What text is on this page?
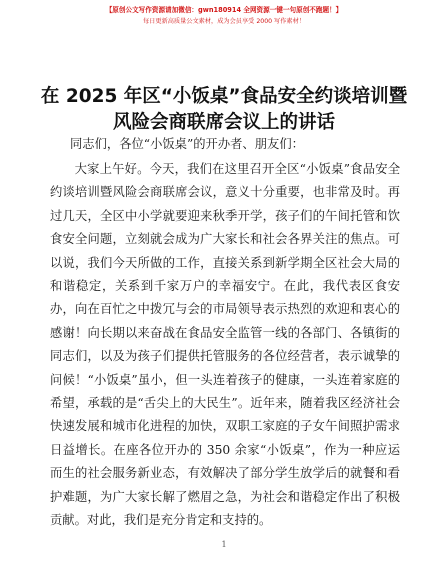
【原创公文写作资源请加微信：gwn180914 全网资源一键一句原创不跑题！】
每日更新高质量公文素材，成为会员享受 2000 写作素材！
在 2025 年区“小饭桌”食品安全约谈培训暨风险会商联席会议上的讲话
同志们，各位“小饭桌”的开办者、朋友们：

大家上午好。今天，我们在这里召开全区“小饭桌”食品安全约谈培训暨风险会商联席会议，意义十分重要，也非常及时。再过几天，全区中小学就要迎来秋季开学，孩子们的午间托管和饮食安全问题，立刻就会成为广大家长和社会各界关注的焦点。可以说，我们今天所做的工作，直接关系到新学期全区社会大局的和谐稳定，关系到千家万户的幸福安宁。在此，我代表区食安办，向在百忙之中拨冗与会的市局领导表示热烈的欢迎和衷心的感谢！向长期以来奋战在食品安全监管一线的各部门、各镇街的同志们，以及为孩子们提供托管服务的各位经营者，表示诚挚的问候！“小饭桌”虽小，但一头连着孩子的健康，一头连着家庭的希望，承载的是“舌尖上的大民生”。近年来，随着我区经济社会快速发展和城市化进程的加快，双职工家庭的子女午间照护需求日益增长。在座各位开办的 350 余家“小饭桌”，作为一种应运而生的社会服务新业态，有效解决了部分学生放学后的就餐和看护难题，为广大家长解了燃眉之急，为社会和谐稳定作出了积极贡献。对此，我们是充分肯定和支持的。

1
